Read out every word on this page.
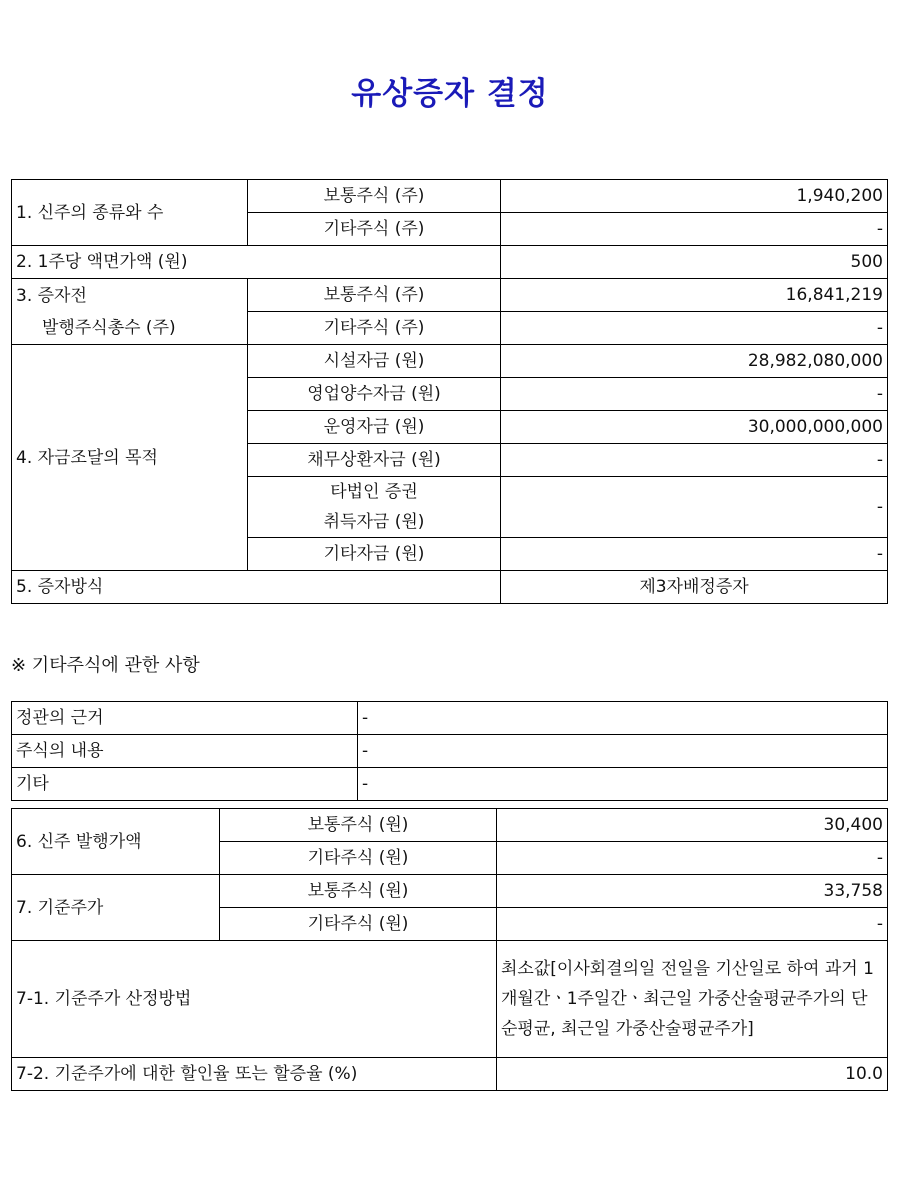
유상증자 결정
1. 신주의 종류와 수	보통주식 (주)	1,940,200
	기타주식 (주)	-
2. 1주당 액면가액 (원)		500

3. 증자전
발행주식총수 (주)	보통주식 (주)	16,841,219
	기타주식 (주)	-
4. 자금조달의 목적	시설자금 (원)	28,982,080,000
	영업양수자금 (원)	-
	운영자금 (원)	30,000,000,000
	채무상환자금 (원)	-

	타법인 증권
취득자금 (원)	-
	기타자금 (원)	-
5. 증자방식		제3자배정증자
※ 기타주식에 관한 사항
정관의 근거	-
주식의 내용	-
기타	-
6. 신주 발행가액	보통주식 (원)	30,400
	기타주식 (원)	-
7. 기준주가	보통주식 (원)	33,758
	기타주식 (원)	-
7-1. 기준주가 산정방법		최소값[이사회결의일 전일을 기산일로 하여 과거 1개월간ㆍ1주일간ㆍ최근일 가중산술평균주가의 단순평균, 최근일 가중산술평균주가]
7-2. 기준주가에 대한 할인율 또는 할증율 (%)		10.0
